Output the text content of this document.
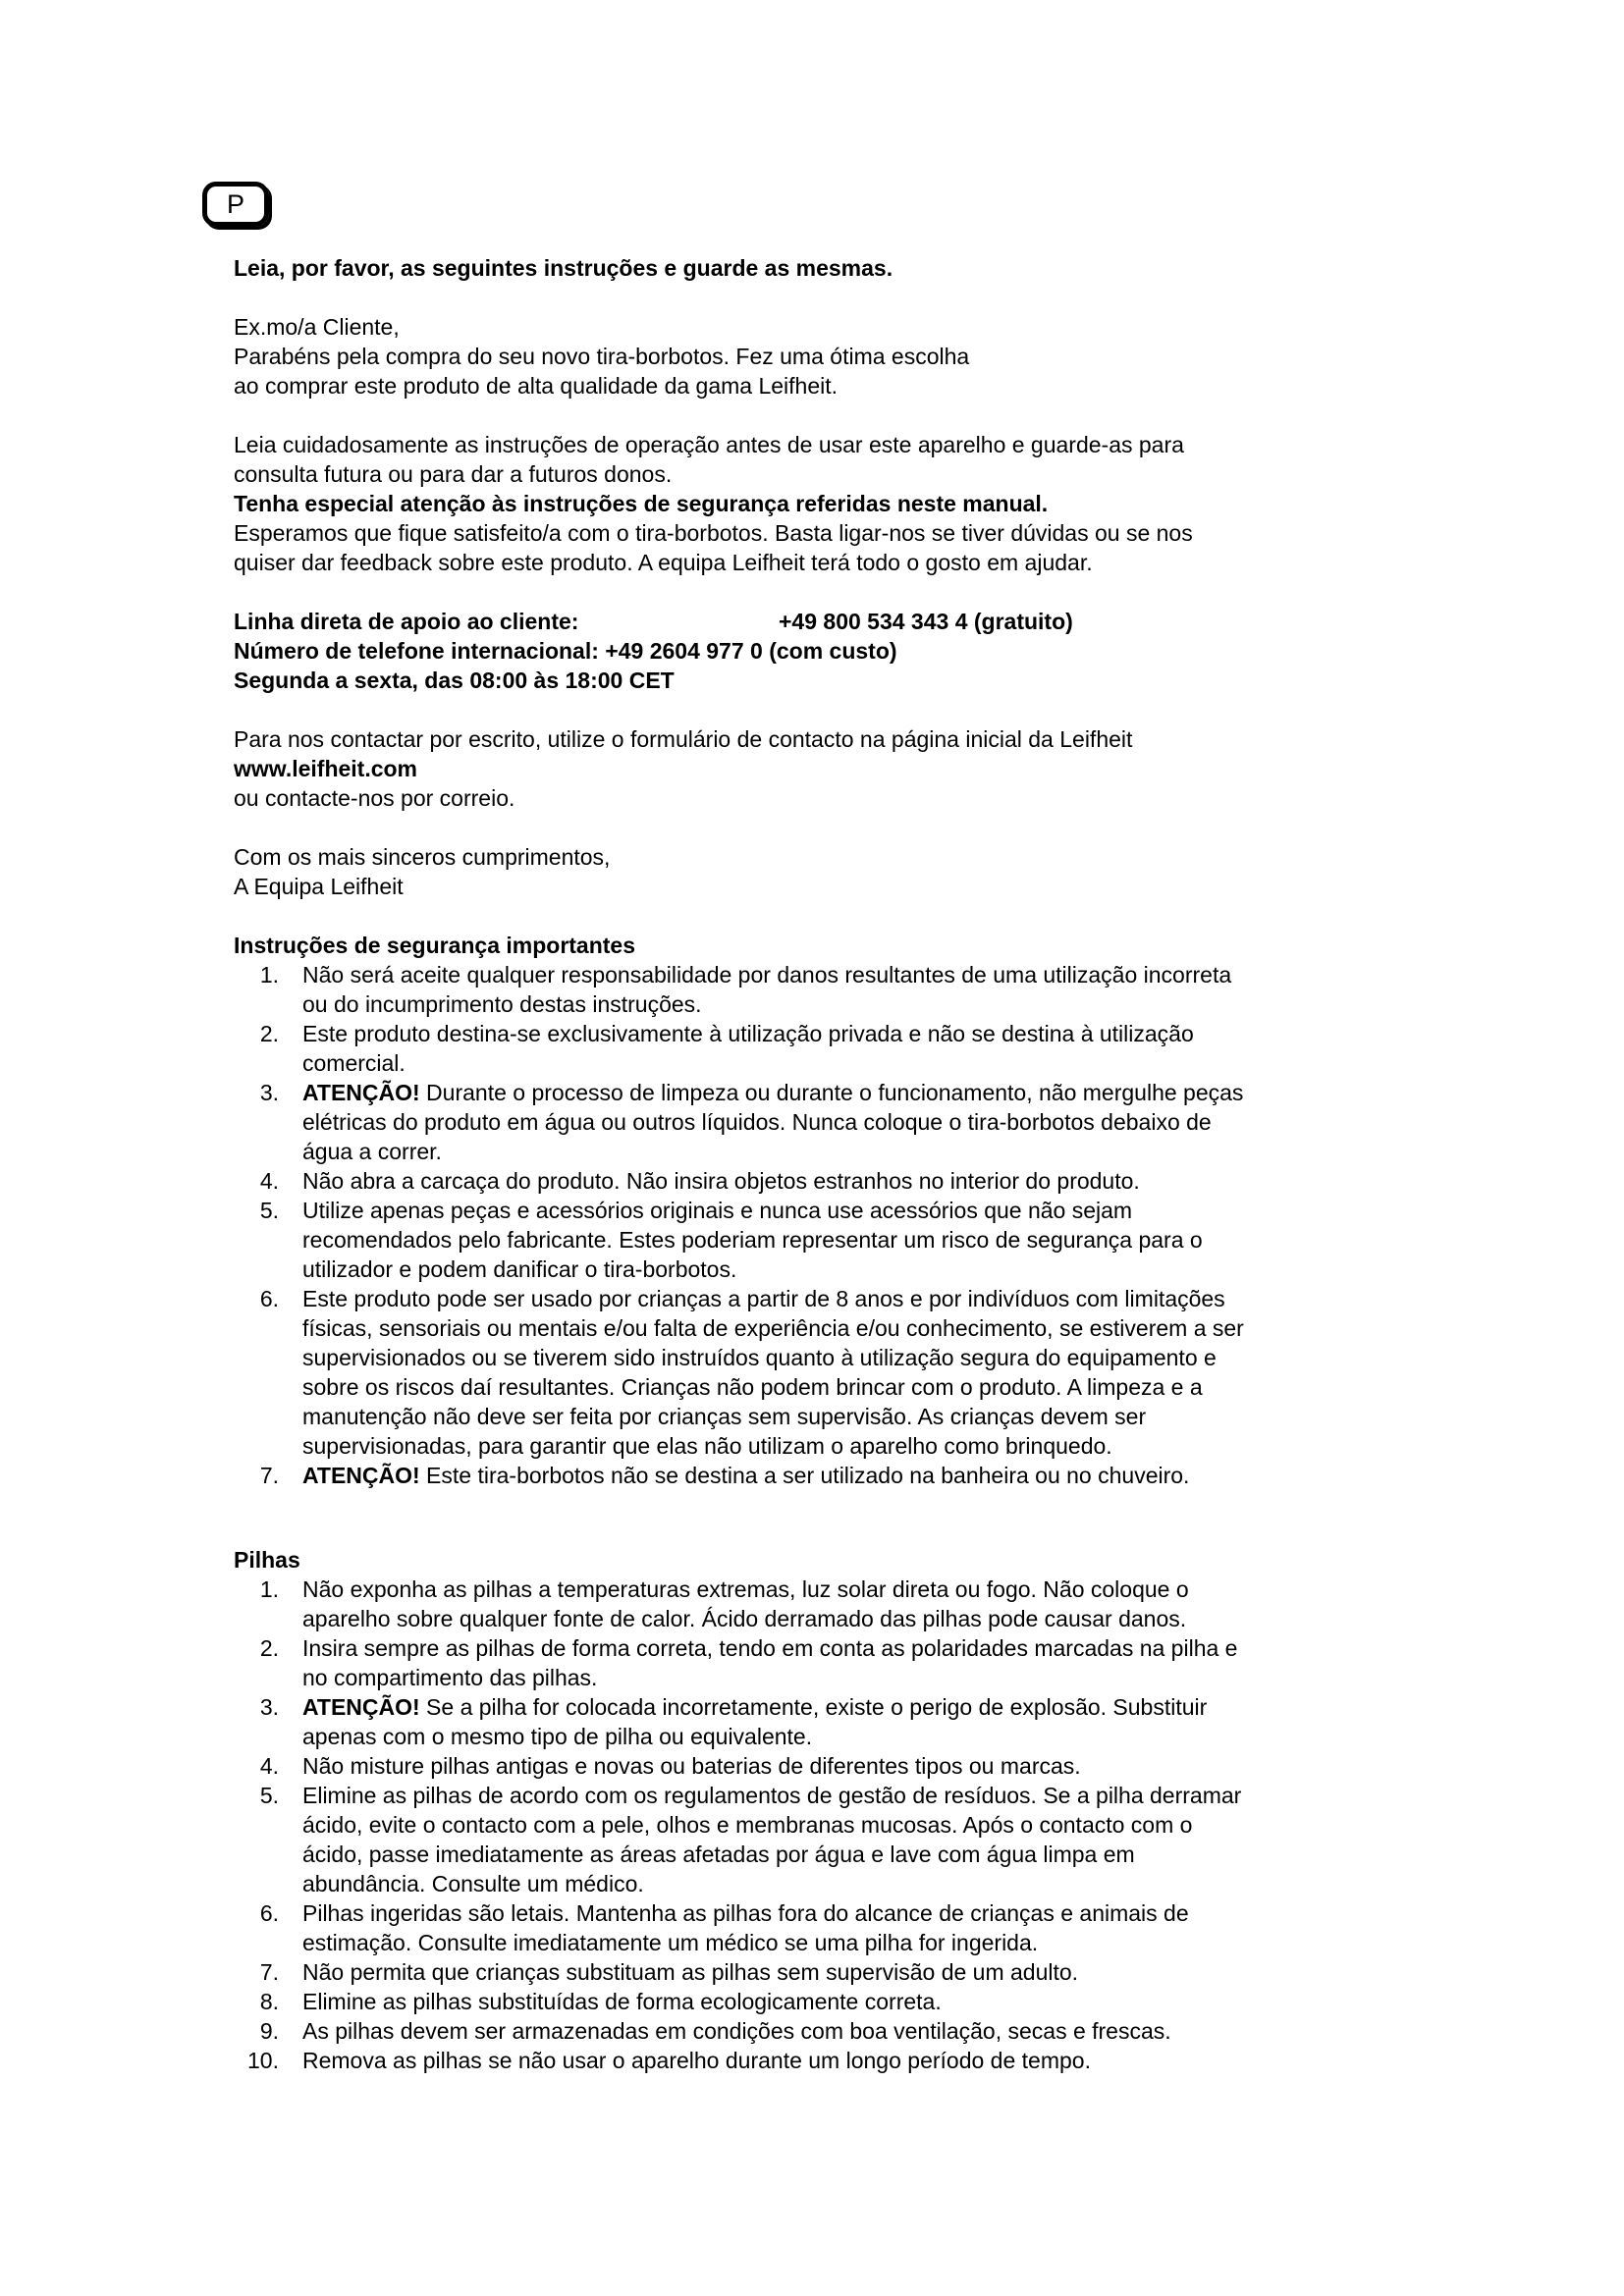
P

Leia, por favor, as seguintes instruções e guarde as mesmas.

Ex.mo/a Cliente,

Parabéns pela compra do seu novo tira-borbotos. Fez uma ótima escolha

ao comprar este produto de alta qualidade da gama Leifheit.

Leia cuidadosamente as instruções de operação antes de usar este aparelho e guarde-as para

consulta futura ou para dar a futuros donos.

Tenha especial atenção às instruções de segurança referidas neste manual.

Esperamos que fique satisfeito/a com o tira-borbotos. Basta ligar-nos se tiver dúvidas ou se nos

quiser dar feedback sobre este produto. A equipa Leifheit terá todo o gosto em ajudar.

Linha direta de apoio ao cliente:	+49 800 534 343 4 (gratuito)

Número de telefone internacional: +49 2604 977 0 (com custo)

Segunda a sexta, das 08:00 às 18:00 CET

Para nos contactar por escrito, utilize o formulário de contacto na página inicial da Leifheit

www.leifheit.com

ou contacte-nos por correio.

Com os mais sinceros cumprimentos,

A Equipa Leifheit

Instruções de segurança importantes
1.	Não será aceite qualquer responsabilidade por danos resultantes de uma utilização incorreta
ou do incumprimento destas instruções.
2.	Este produto destina-se exclusivamente à utilização privada e não se destina à utilização
comercial.
3.	ATENÇÃO! Durante o processo de limpeza ou durante o funcionamento, não mergulhe peças
elétricas do produto em água ou outros líquidos. Nunca coloque o tira-borbotos debaixo de
água a correr.
4.	Não abra a carcaça do produto. Não insira objetos estranhos no interior do produto.
5.	Utilize apenas peças e acessórios originais e nunca use acessórios que não sejam
recomendados pelo fabricante. Estes poderiam representar um risco de segurança para o
utilizador e podem danificar o tira-borbotos.
6.	Este produto pode ser usado por crianças a partir de 8 anos e por indivíduos com limitações
físicas, sensoriais ou mentais e/ou falta de experiência e/ou conhecimento, se estiverem a ser
supervisionados ou se tiverem sido instruídos quanto à utilização segura do equipamento e
sobre os riscos daí resultantes. Crianças não podem brincar com o produto. A limpeza e a
manutenção não deve ser feita por crianças sem supervisão. As crianças devem ser
supervisionadas, para garantir que elas não utilizam o aparelho como brinquedo.
7.	ATENÇÃO! Este tira-borbotos não se destina a ser utilizado na banheira ou no chuveiro.
Pilhas
1.	Não exponha as pilhas a temperaturas extremas, luz solar direta ou fogo. Não coloque o
aparelho sobre qualquer fonte de calor. Ácido derramado das pilhas pode causar danos.
2.	Insira sempre as pilhas de forma correta, tendo em conta as polaridades marcadas na pilha e
no compartimento das pilhas.
3.	ATENÇÃO! Se a pilha for colocada incorretamente, existe o perigo de explosão. Substituir
apenas com o mesmo tipo de pilha ou equivalente.
4.	Não misture pilhas antigas e novas ou baterias de diferentes tipos ou marcas.
5.	Elimine as pilhas de acordo com os regulamentos de gestão de resíduos. Se a pilha derramar
ácido, evite o contacto com a pele, olhos e membranas mucosas. Após o contacto com o
ácido, passe imediatamente as áreas afetadas por água e lave com água limpa em
abundância. Consulte um médico.
6.	Pilhas ingeridas são letais. Mantenha as pilhas fora do alcance de crianças e animais de
estimação. Consulte imediatamente um médico se uma pilha for ingerida.
7.	Não permita que crianças substituam as pilhas sem supervisão de um adulto.
8.	Elimine as pilhas substituídas de forma ecologicamente correta.
9.	As pilhas devem ser armazenadas em condições com boa ventilação, secas e frescas.
10.	Remova as pilhas se não usar o aparelho durante um longo período de tempo.
